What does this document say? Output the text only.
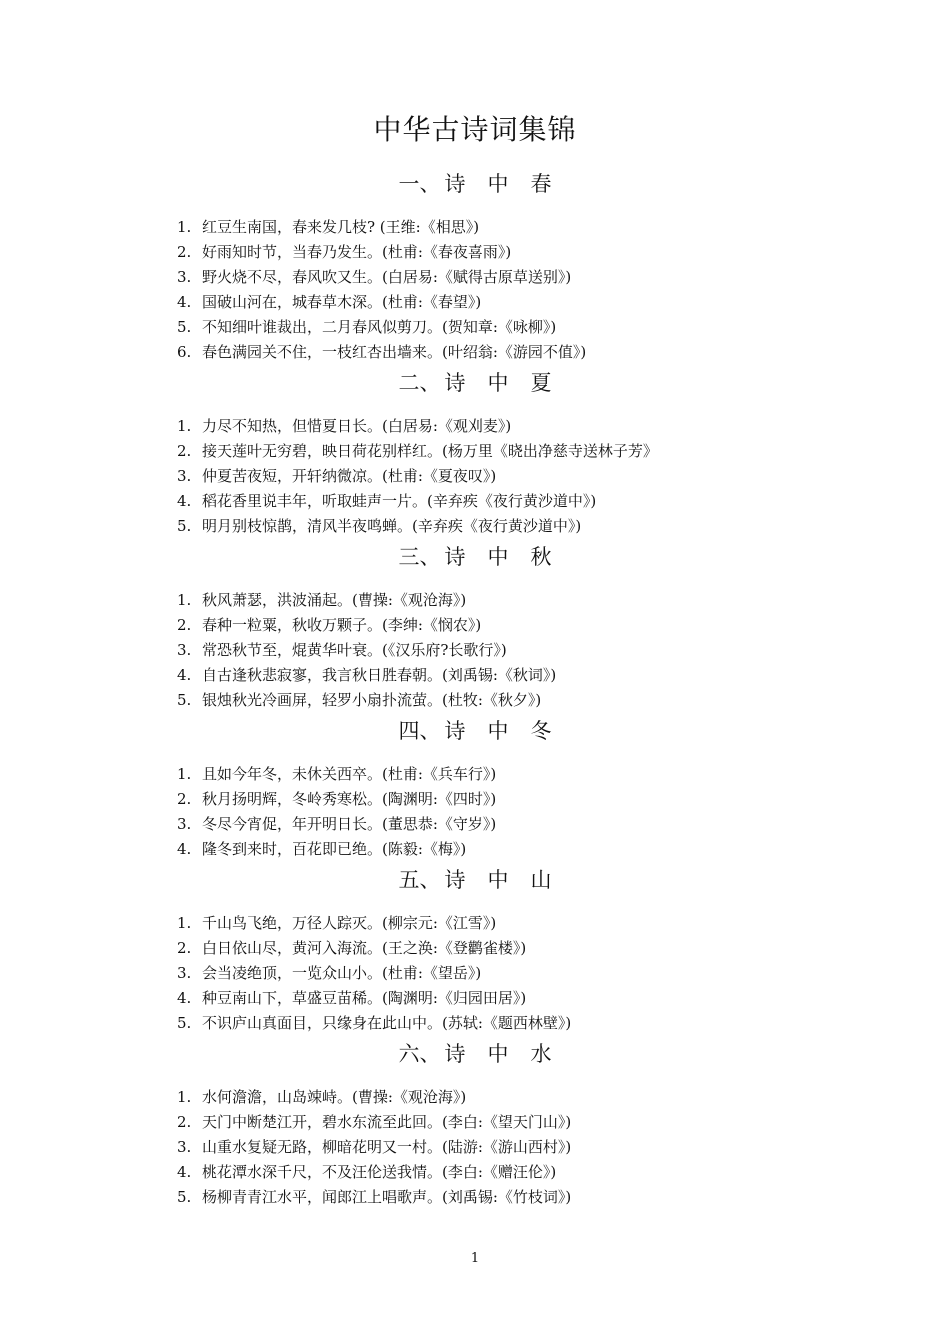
中华古诗词集锦
一、 诗 中 春
1. 红豆生南国，春来发几枝? (王维:《相思》)
2. 好雨知时节，当春乃发生。(杜甫:《春夜喜雨》)
3. 野火烧不尽，春风吹又生。(白居易:《赋得古原草送别》)
4. 国破山河在，城春草木深。(杜甫:《春望》)
5. 不知细叶谁裁出，二月春风似剪刀。(贺知章:《咏柳》)
6. 春色满园关不住，一枝红杏出墙来。(叶绍翁:《游园不值》)
二、 诗 中 夏
1. 力尽不知热，但惜夏日长。(白居易:《观刈麦》)
2. 接天莲叶无穷碧，映日荷花别样红。(杨万里《晓出净慈寺送林子芳》
3. 仲夏苦夜短，开轩纳微凉。(杜甫:《夏夜叹》)
4. 稻花香里说丰年，听取蛙声一片。(辛弃疾《夜行黄沙道中》)
5. 明月别枝惊鹊，清风半夜鸣蝉。(辛弃疾《夜行黄沙道中》)
三、 诗 中 秋
1. 秋风萧瑟，洪波涌起。(曹操:《观沧海》)
2. 春种一粒粟，秋收万颗子。(李绅:《悯农》)
3. 常恐秋节至，焜黄华叶衰。(《汉乐府?长歌行》)
4. 自古逢秋悲寂寥，我言秋日胜春朝。(刘禹锡:《秋词》)
5. 银烛秋光冷画屏，轻罗小扇扑流萤。(杜牧:《秋夕》)
四、 诗 中 冬
1. 且如今年冬，未休关西卒。(杜甫:《兵车行》)
2. 秋月扬明辉，冬岭秀寒松。(陶渊明:《四时》)
3. 冬尽今宵促，年开明日长。(董思恭:《守岁》)
4. 隆冬到来时，百花即已绝。(陈毅:《梅》)
五、 诗 中 山
1. 千山鸟飞绝，万径人踪灭。(柳宗元:《江雪》)
2. 白日依山尽，黄河入海流。(王之涣:《登鹳雀楼》)
3. 会当凌绝顶，一览众山小。(杜甫:《望岳》)
4. 种豆南山下，草盛豆苗稀。(陶渊明:《归园田居》)
5. 不识庐山真面目，只缘身在此山中。(苏轼:《题西林壁》)
六、 诗 中 水
1. 水何澹澹，山岛竦峙。(曹操:《观沧海》)
2. 天门中断楚江开，碧水东流至此回。(李白:《望天门山》)
3. 山重水复疑无路，柳暗花明又一村。(陆游:《游山西村》)
4. 桃花潭水深千尺，不及汪伦送我情。(李白:《赠汪伦》)
5. 杨柳青青江水平，闻郎江上唱歌声。(刘禹锡:《竹枝词》)
1
